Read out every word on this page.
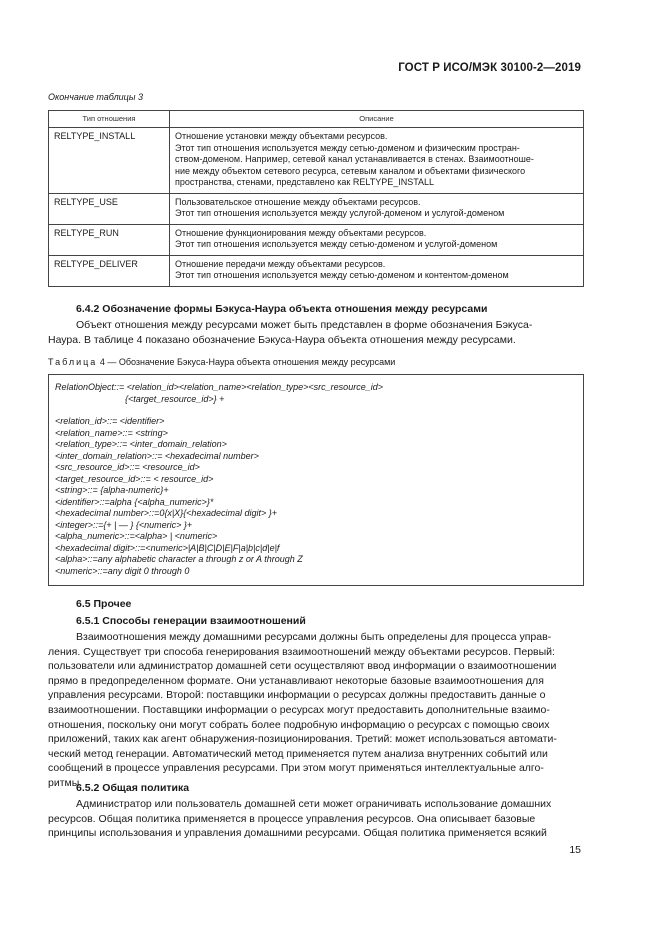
ГОСТ Р ИСО/МЭК 30100-2—2019
Окончание таблицы 3
Тип отношения	Описание
RELTYPE_INSTALL	Отношение установки между объектами ресурсов.
Этот тип отношения используется между сетью-доменом и физическим простран-
ством-доменом. Например, сетевой канал устанавливается в стенах. Взаимоотноше-
ние между объектом сетевого ресурса, сетевым каналом и объектами физического
пространства, стенами, представлено как RELTYPE_INSTALL

RELTYPE_USE	Пользовательское отношение между объектами ресурсов.
Этот тип отношения используется между услугой-доменом и услугой-доменом

RELTYPE_RUN	Отношение функционирования между объектами ресурсов.
Этот тип отношения используется между сетью-доменом и услугой-доменом

RELTYPE_DELIVER	Отношение передачи между объектами ресурсов.
Этот тип отношения используется между сетью-доменом и контентом-доменом
6.4.2 Обозначение формы Бэкуса-Наура объекта отношения между ресурсами
Объект отношения между ресурсами может быть представлен в форме обозначения Бэкуса-
Наура. В таблице 4 показано обозначение Бэкуса-Наура объекта отношения между ресурсами.
Таблица 4 — Обозначение Бэкуса-Наура объекта отношения между ресурсами
RelationObject::= <relation_id><relation_name><relation_type><src_resource_id>
{<target_resource_id>} +
<relation_id>::= <identifier>
<relation_name>::= <string>
<relation_type>::= <inter_domain_relation>
<inter_domain_relation>::= <hexadecimal number>
<src_resource_id>::= <resource_id>
<target_resource_id>::= < resource_id>
<string>::= {alpha-numeric}+
<identifier>::=alpha {<alpha_numeric>}*
<hexadecimal number>::=0{x|X}{<hexadecimal digit> }+
<integer>::={+ | — } {<numeric> }+
<alpha_numeric>::=<alpha> | <numeric>
<hexadecimal digit>::=<numeric>|A|B|C|D|E|F|a|b|c|d|e|f
<alpha>::=any alphabetic character a through z or A through Z
<numeric>::=any digit 0 through 0
6.5 Прочее
6.5.1 Способы генерации взаимоотношений
Взаимоотношения между домашними ресурсами должны быть определены для процесса управ-
ления. Существует три способа генерирования взаимоотношений между объектами ресурсов. Первый:
пользователи или администратор домашней сети осуществляют ввод информации о взаимоотношении
прямо в предопределенном формате. Они устанавливают некоторые базовые взаимоотношения для
управления ресурсами. Второй: поставщики информации о ресурсах должны предоставить данные о
взаимоотношении. Поставщики информации о ресурсах могут предоставить дополнительные взаимо-
отношения, поскольку они могут собрать более подробную информацию о ресурсах с помощью своих
приложений, таких как агент обнаружения-позиционирования. Третий: может использоваться автомати-
ческий метод генерации. Автоматический метод применяется путем анализа внутренних событий или
сообщений в процессе управления ресурсами. При этом могут применяться интеллектуальные алго-
ритмы.
6.5.2 Общая политика
Администратор или пользователь домашней сети может ограничивать использование домашних
ресурсов. Общая политика применяется в процессе управления ресурсов. Она описывает базовые
принципы использования и управления домашними ресурсами. Общая политика применяется всякий
15
